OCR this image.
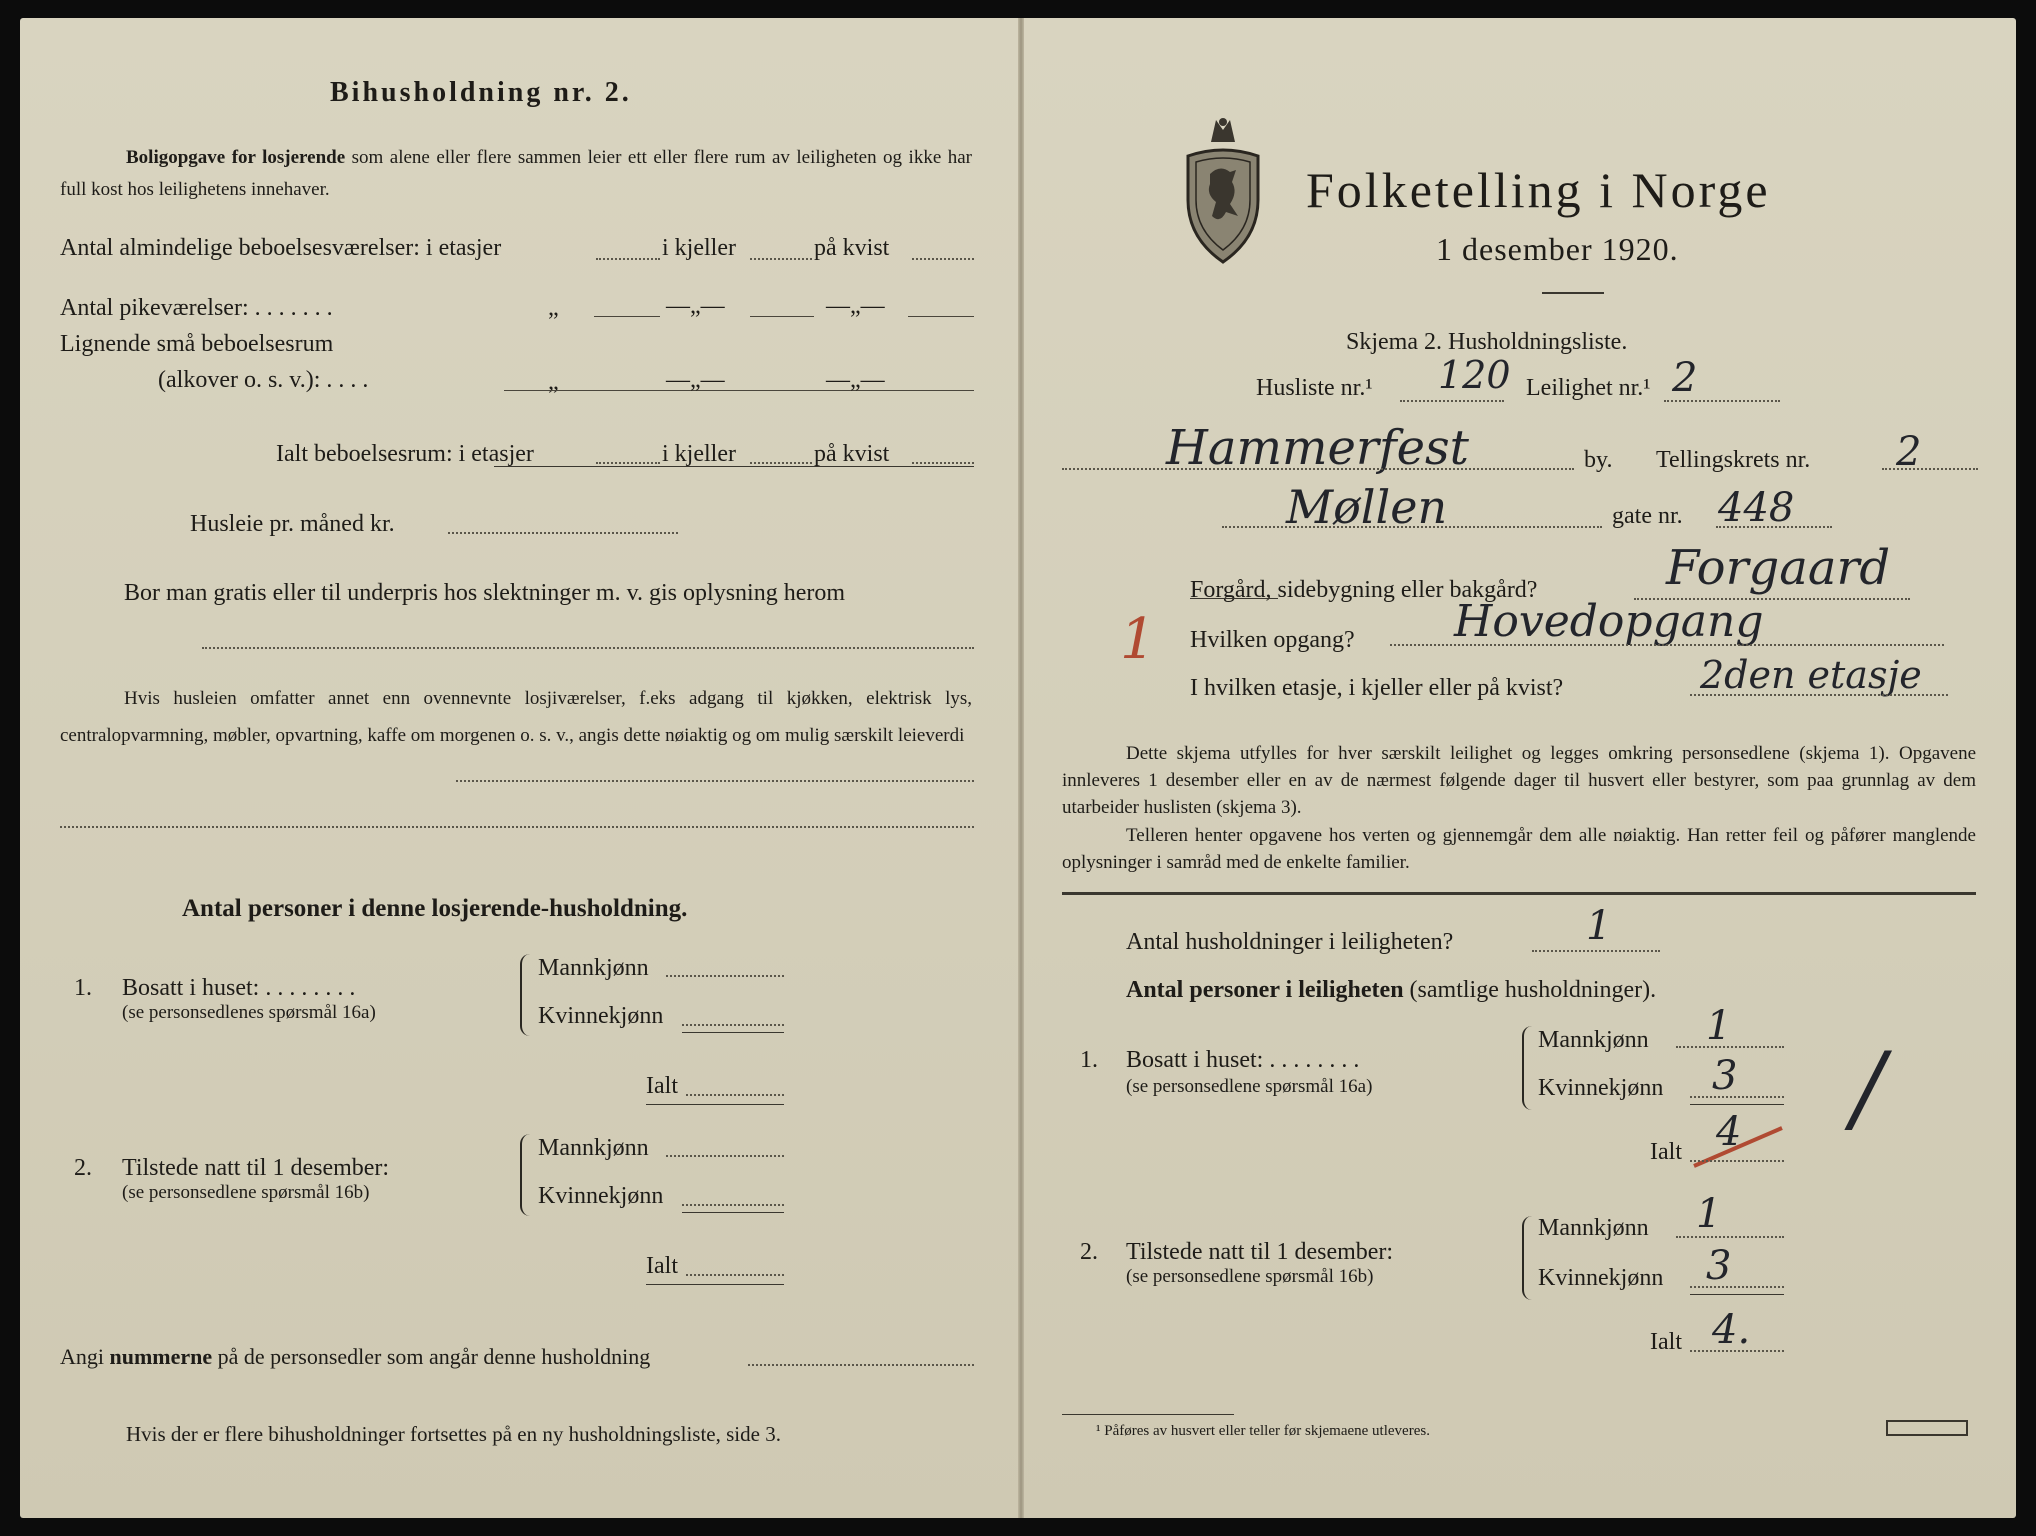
Bihusholdning nr. 2.
Boligopgave for losjerende som alene eller flere sammen leier ett eller flere rum av leiligheten og ikke har full kost hos leilighetens innehaver.
Antal almindelige beboelsesværelser: i etasjer	i kjeller	på kvist
Antal pikeværelser: . . . . . . .	„	—„—	—„—
Lignende små beboelsesrum
(alkover o. s. v.): . . . .	„	—„—	—„—
Ialt beboelsesrum: i etasjer	i kjeller	på kvist
Husleie pr. måned kr.
Bor man gratis eller til underpris hos slektninger m. v. gis oplysning herom
Hvis husleien omfatter annet enn ovennevnte losjiværelser, f.eks adgang til kjøkken, elektrisk lys, centralopvarmning, møbler, opvartning, kaffe om morgenen o. s. v., angis dette nøiaktig og om mulig særskilt leieverdi
Antal personer i denne losjerende-husholdning.
1. Bosatt i huset: . . . . . . . .
(se personsedlenes spørsmål 16a)
Mannkjønn
Kvinnekjønn
Ialt
2. Tilstede natt til 1 desember:
(se personsedlene spørsmål 16b)
Mannkjønn
Kvinnekjønn
Ialt
Angi nummerne på de personsedler som angår denne husholdning
Hvis der er flere bihusholdninger fortsettes på en ny husholdningsliste, side 3.
Folketelling i Norge
1 desember 1920.
Skjema 2. Husholdningsliste.
Husliste nr.¹ 120 Leilighet nr.¹ 2
Hammerfest	by. Tellingskrets nr. 2
Møllen	gate nr. 448
Forgård, sidebygning eller bakgård?	Forgaard
1 Hvilken opgang? Hovedopgang
I hvilken etasje, i kjeller eller på kvist?	2den etasje
Dette skjema utfylles for hver særskilt leilighet og legges omkring personsedlene (skjema 1). Opgavene innleveres 1 desember eller en av de nærmest følgende dager til husvert eller bestyrer, som paa grunnlag av dem utarbeider huslisten (skjema 3).
Telleren henter opgavene hos verten og gjennemgår dem alle nøiaktig. Han retter feil og påfører manglende oplysninger i samråd med de enkelte familier.
Antal husholdninger i leiligheten?	1
Antal personer i leiligheten (samtlige husholdninger).
1. Bosatt i huset: . . . . . . . .
(se personsedlene spørsmål 16a)
Mannkjønn 1
Kvinnekjønn 3
Ialt 4 /
2. Tilstede natt til 1 desember:
(se personsedlene spørsmål 16b)
Mannkjønn 1
Kvinnekjønn 3
Ialt 4.
¹ Påføres av husvert eller teller før skjemaene utleveres.
